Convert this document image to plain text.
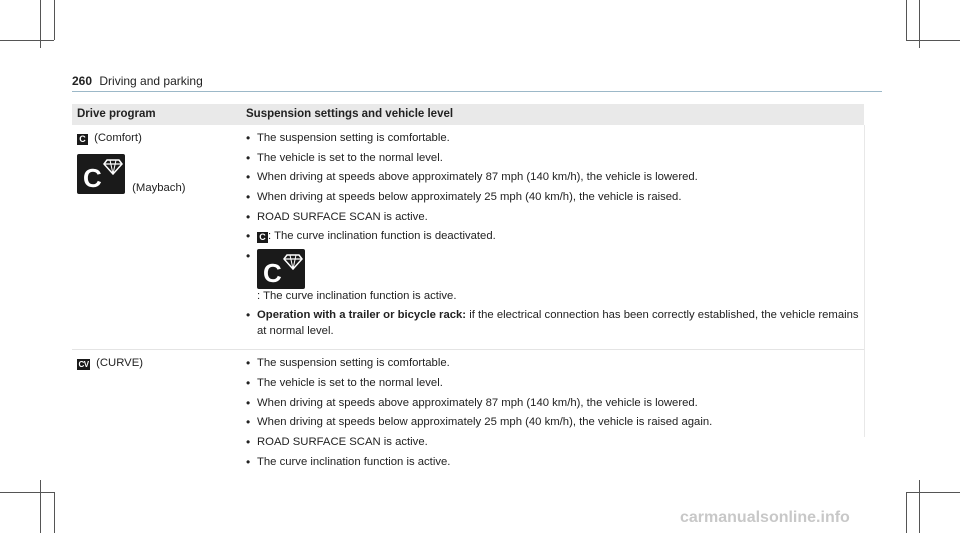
260 Driving and parking
Drive program	Suspension settings and vehicle level
C (Comfort)
C	(Maybach)
• The suspension setting is comfortable.
• The vehicle is set to the normal level.
• When driving at speeds above approximately 87 mph (140 km/h), the vehicle is lowered.
• When driving at speeds below approximately 25 mph (40 km/h), the vehicle is raised.
• ROAD SURFACE SCAN is active.
• C : The curve inclination function is deactivated.
• C
: The curve inclination function is active.
• Operation with a trailer or bicycle rack: if the electrical connection has been correctly established, the vehicle remains at normal level.
CV (CURVE)
•	The suspension setting is comfortable.
• The vehicle is set to the normal level.
• When driving at speeds above approximately 87 mph (140 km/h), the vehicle is lowered.
• When driving at speeds below approximately 25 mph (40 km/h), the vehicle is raised again.
• ROAD SURFACE SCAN is active.
• The curve inclination function is active.
carmanualsonline.info
